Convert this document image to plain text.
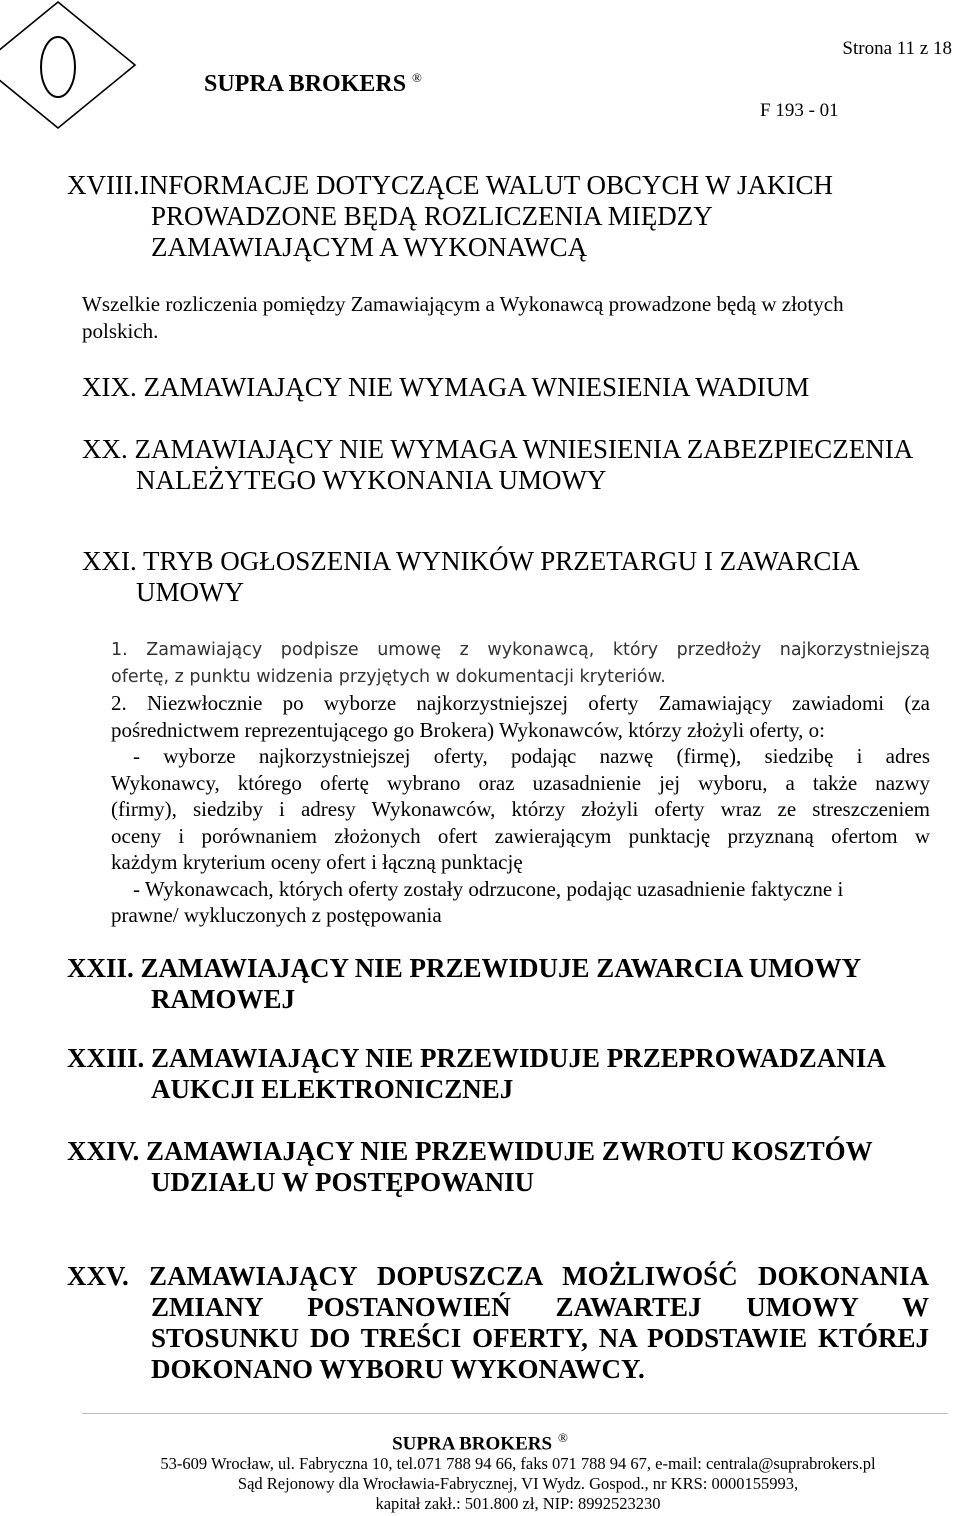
Strona 11 z 18
SUPRA BROKERS ®
F 193 - 01
XVIII.INFORMACJE DOTYCZĄCE WALUT OBCYCH W JAKICH
PROWADZONE BĘDĄ ROZLICZENIA MIĘDZY
ZAMAWIAJĄCYM A WYKONAWCĄ
Wszelkie rozliczenia pomiędzy Zamawiającym a Wykonawcą prowadzone będą w złotych
polskich.
XIX. ZAMAWIAJĄCY NIE WYMAGA WNIESIENIA WADIUM
XX. ZAMAWIAJĄCY NIE WYMAGA WNIESIENIA ZABEZPIECZENIA
NALEŻYTEGO WYKONANIA UMOWY
XXI. TRYB OGŁOSZENIA WYNIKÓW PRZETARGU I ZAWARCIA
UMOWY
1. Zamawiający podpisze umowę z wykonawcą, który przedłoży najkorzystniejszą
ofertę, z punktu widzenia przyjętych w dokumentacji kryteriów.
2. Niezwłocznie po wyborze najkorzystniejszej oferty Zamawiający zawiadomi (za
pośrednictwem reprezentującego go Brokera) Wykonawców, którzy złożyli oferty, o:
- wyborze najkorzystniejszej oferty, podając nazwę (firmę), siedzibę i adres
Wykonawcy, którego ofertę wybrano oraz uzasadnienie jej wyboru, a także nazwy
(firmy), siedziby i adresy Wykonawców, którzy złożyli oferty wraz ze streszczeniem
oceny i porównaniem złożonych ofert zawierającym punktację przyznaną ofertom w
każdym kryterium oceny ofert i łączną punktację
- Wykonawcach, których oferty zostały odrzucone, podając uzasadnienie faktyczne i
prawne/ wykluczonych z postępowania
XXII. ZAMAWIAJĄCY NIE PRZEWIDUJE ZAWARCIA UMOWY
RAMOWEJ
XXIII. ZAMAWIAJĄCY NIE PRZEWIDUJE PRZEPROWADZANIA
AUKCJI ELEKTRONICZNEJ
XXIV. ZAMAWIAJĄCY NIE PRZEWIDUJE ZWROTU KOSZTÓW
UDZIAŁU W POSTĘPOWANIU
XXV. ZAMAWIAJĄCY DOPUSZCZA MOŻLIWOŚĆ DOKONANIA
ZMIANY POSTANOWIEŃ ZAWARTEJ UMOWY W
STOSUNKU DO TREŚCI OFERTY, NA PODSTAWIE KTÓREJ
DOKONANO WYBORU WYKONAWCY.
SUPRA BROKERS ®
53-609 Wrocław, ul. Fabryczna 10, tel.071 788 94 66, faks 071 788 94 67, e-mail: centrala@suprabrokers.pl
Sąd Rejonowy dla Wrocławia-Fabrycznej, VI Wydz. Gospod., nr KRS: 0000155993,
kapitał zakł.: 501.800 zł, NIP: 8992523230
